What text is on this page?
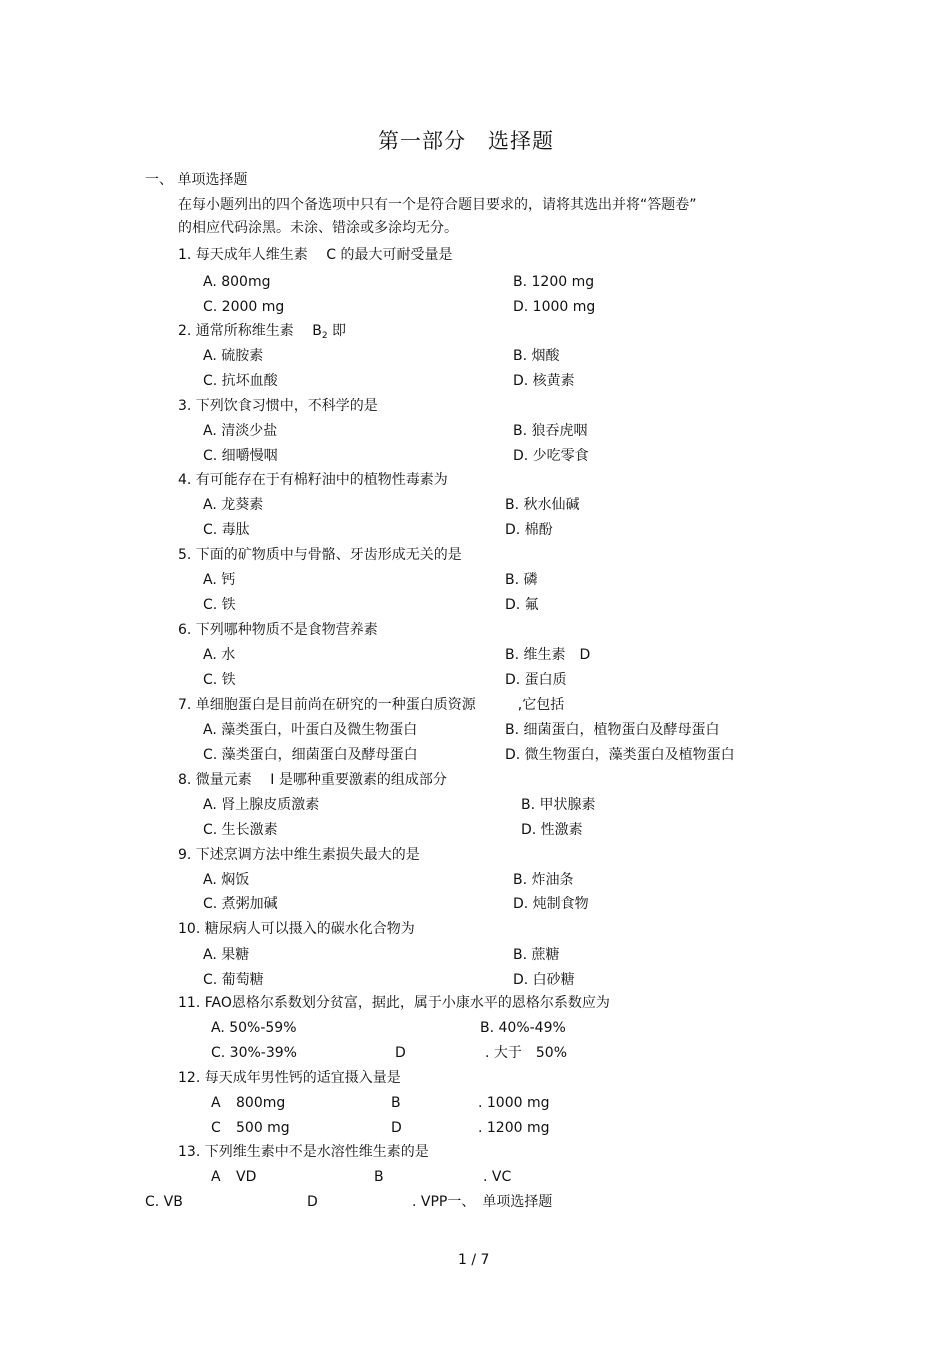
第一部分　选择题
一、 单项选择题
在每小题列出的四个备选项中只有一个是符合题目要求的，请将其选出并将“答题卷”
的相应代码涂黑。未涂、错涂或多涂均无分。
1. 每天成年人维生素　 C 的最大可耐受量是
A. 800mg	B. 1200 mg
C. 2000 mg	D. 1000 mg
2. 通常所称维生素　 $B_2$ 即
A. 硫胺素	B. 烟酸
C. 抗坏血酸	D. 核黄素
3. 下列饮食习惯中，不科学的是
A. 清淡少盐	B. 狼吞虎咽
C. 细嚼慢咽	D. 少吃零食
4. 有可能存在于有棉籽油中的植物性毒素为
A. 龙葵素	B. 秋水仙碱
C. 毒肽	D. 棉酚
5. 下面的矿物质中与骨骼、牙齿形成无关的是
A. 钙	B. 磷
C. 铁	D. 氟
6. 下列哪种物质不是食物营养素
A. 水	B. 维生素　D
C. 铁	D. 蛋白质
7. 单细胞蛋白是目前尚在研究的一种蛋白质资源　　　,它包括
A. 藻类蛋白，叶蛋白及微生物蛋白	B. 细菌蛋白，植物蛋白及酵母蛋白
C. 藻类蛋白，细菌蛋白及酵母蛋白	D. 微生物蛋白，藻类蛋白及植物蛋白
8. 微量元素　 I 是哪种重要激素的组成部分
A. 肾上腺皮质激素	B. 甲状腺素
C. 生长激素	D. 性激素
9. 下述烹调方法中维生素损失最大的是
A. 焖饭	B. 炸油条
C. 煮粥加碱	D. 炖制食物
10. 糖尿病人可以摄入的碳水化合物为
A. 果糖	B. 蔗糖
C. 葡萄糖	D. 白砂糖
11. FAO恩格尔系数划分贫富，据此，属于小康水平的恩格尔系数应为
A. 50%-59%	B. 40%-49%
C. 30%-39%	D	. 大于　50%
12. 每天成年男性钙的适宜摄入量是
A 800mg	B	. 1000 mg
C 500 mg	D	. 1200 mg
13. 下列维生素中不是水溶性维生素的是
A VD	B	. VC
C. VB	D	. VPP一、　单项选择题
1 / 7
